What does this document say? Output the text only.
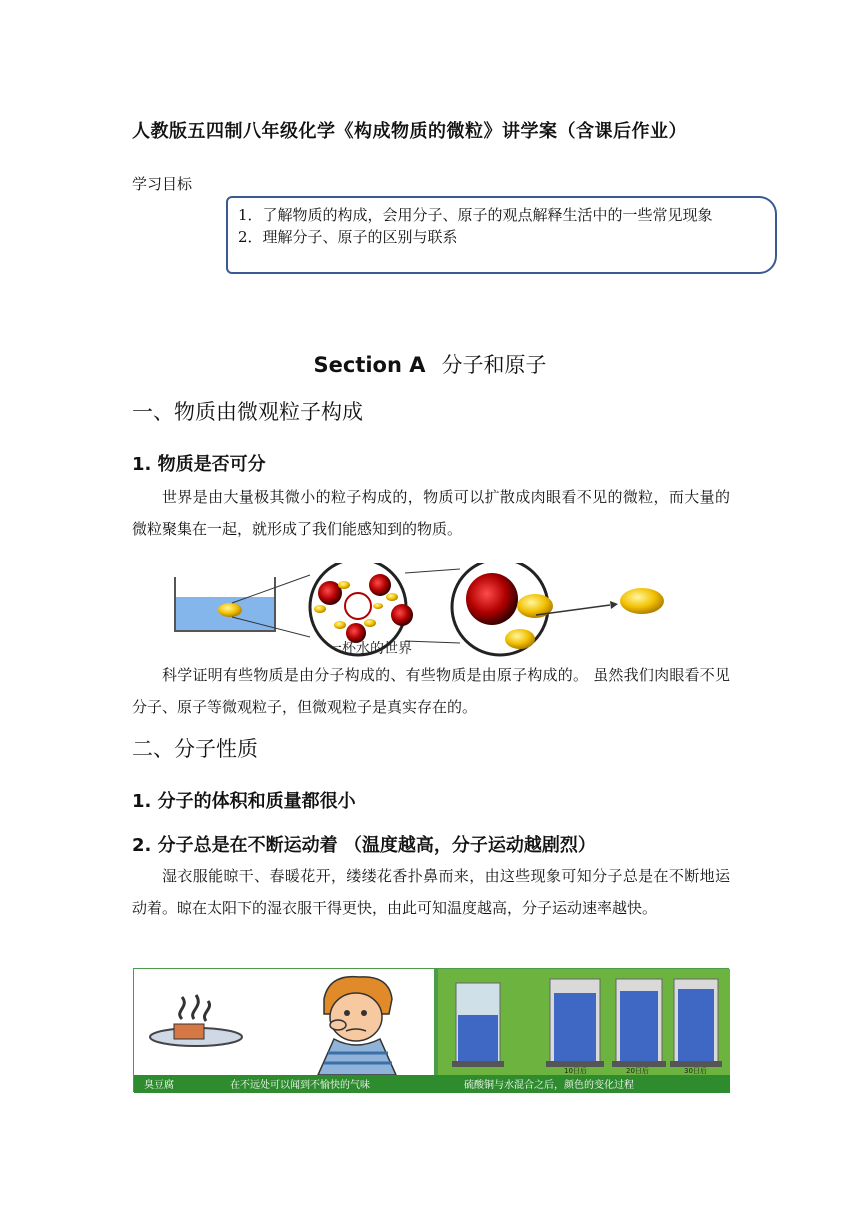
人教版五四制八年级化学《构成物质的微粒》讲学案（含课后作业）
学习目标
1．了解物质的构成，会用分子、原子的观点解释生活中的一些常见现象
2．理解分子、原子的区别与联系
Section A 分子和原子
一、物质由微观粒子构成
1. 物质是否可分
世界是由大量极其微小的粒子构成的，物质可以扩散成肉眼看不见的微粒，而大量的微粒聚集在一起，就形成了我们能感知到的物质。
一杯水的世界
科学证明有些物质是由分子构成的、有些物质是由原子构成的。 虽然我们肉眼看不见分子、原子等微观粒子，但微观粒子是真实存在的。
二、分子性质
1. 分子的体积和质量都很小
2. 分子总是在不断运动着 （温度越高，分子运动越剧烈）
湿衣服能晾干、春暖花开，缕缕花香扑鼻而来，由这些现象可知分子总是在不断地运动着。晾在太阳下的湿衣服干得更快，由此可知温度越高，分子运动速率越快。
10日后	20日后	30日后
臭豆腐	在不远处可以闻到不愉快的气味	硫酸铜与水混合之后，颜色的变化过程
